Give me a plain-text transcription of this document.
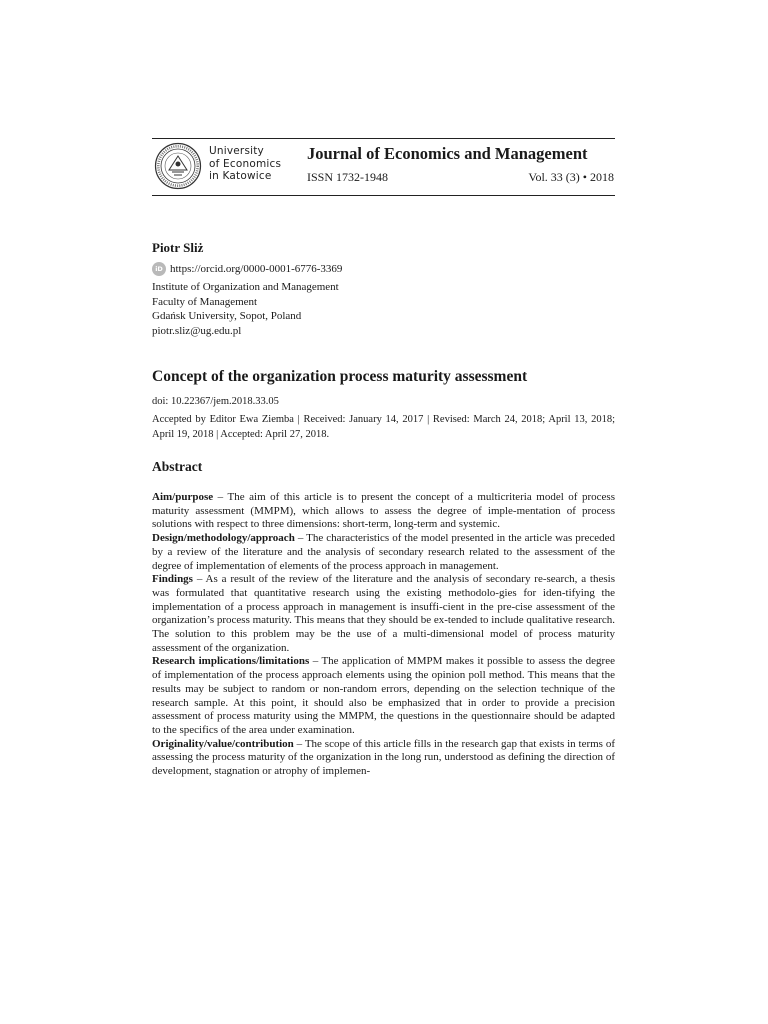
University
of Economics
in Katowice
Journal of Economics and Management
ISSN 1732-1948	Vol. 33 (3) • 2018
Piotr Sliż
iD https://orcid.org/0000-0001-6776-3369
Institute of Organization and Management
Faculty of Management
Gdańsk University, Sopot, Poland
piotr.sliz@ug.edu.pl
Concept of the organization process maturity assessment
doi: 10.22367/jem.2018.33.05
Accepted by Editor Ewa Ziemba | Received: January 14, 2017 | Revised: March 24, 2018; April 13, 2018; April 19, 2018 | Accepted: April 27, 2018.
Abstract

Aim/purpose – The aim of this article is to present the concept of a multicriteria model of process maturity assessment (MMPM), which allows to assess the degree of imple-mentation of process solutions with respect to three dimensions: short-term, long-term and systemic.

Design/methodology/approach – The characteristics of the model presented in the article was preceded by a review of the literature and the analysis of secondary research related to the assessment of the degree of implementation of elements of the process approach in management.

Findings – As a result of the review of the literature and the analysis of secondary re-search, a thesis was formulated that quantitative research using the existing methodolo-gies for iden-tifying the implementation of a process approach in management is insuffi-cient in the pre-cise assessment of the organization’s process maturity. This means that they should be ex-tended to include qualitative research. The solution to this problem may be the use of a multi-dimensional model of process maturity assessment of the organization.

Research implications/limitations – The application of MMPM makes it possible to assess the degree of implementation of the process approach elements using the opinion poll method. This means that the results may be subject to random or non-random errors, depending on the selection technique of the research sample. At this point, it should also be emphasized that in order to provide a precision assessment of process maturity using the MMPM, the questions in the questionnaire should be adapted to the specifics of the area under examination.

Originality/value/contribution – The scope of this article fills in the research gap that exists in terms of assessing the process maturity of the organization in the long run, understood as defining the direction of development, stagnation or atrophy of implemen-
